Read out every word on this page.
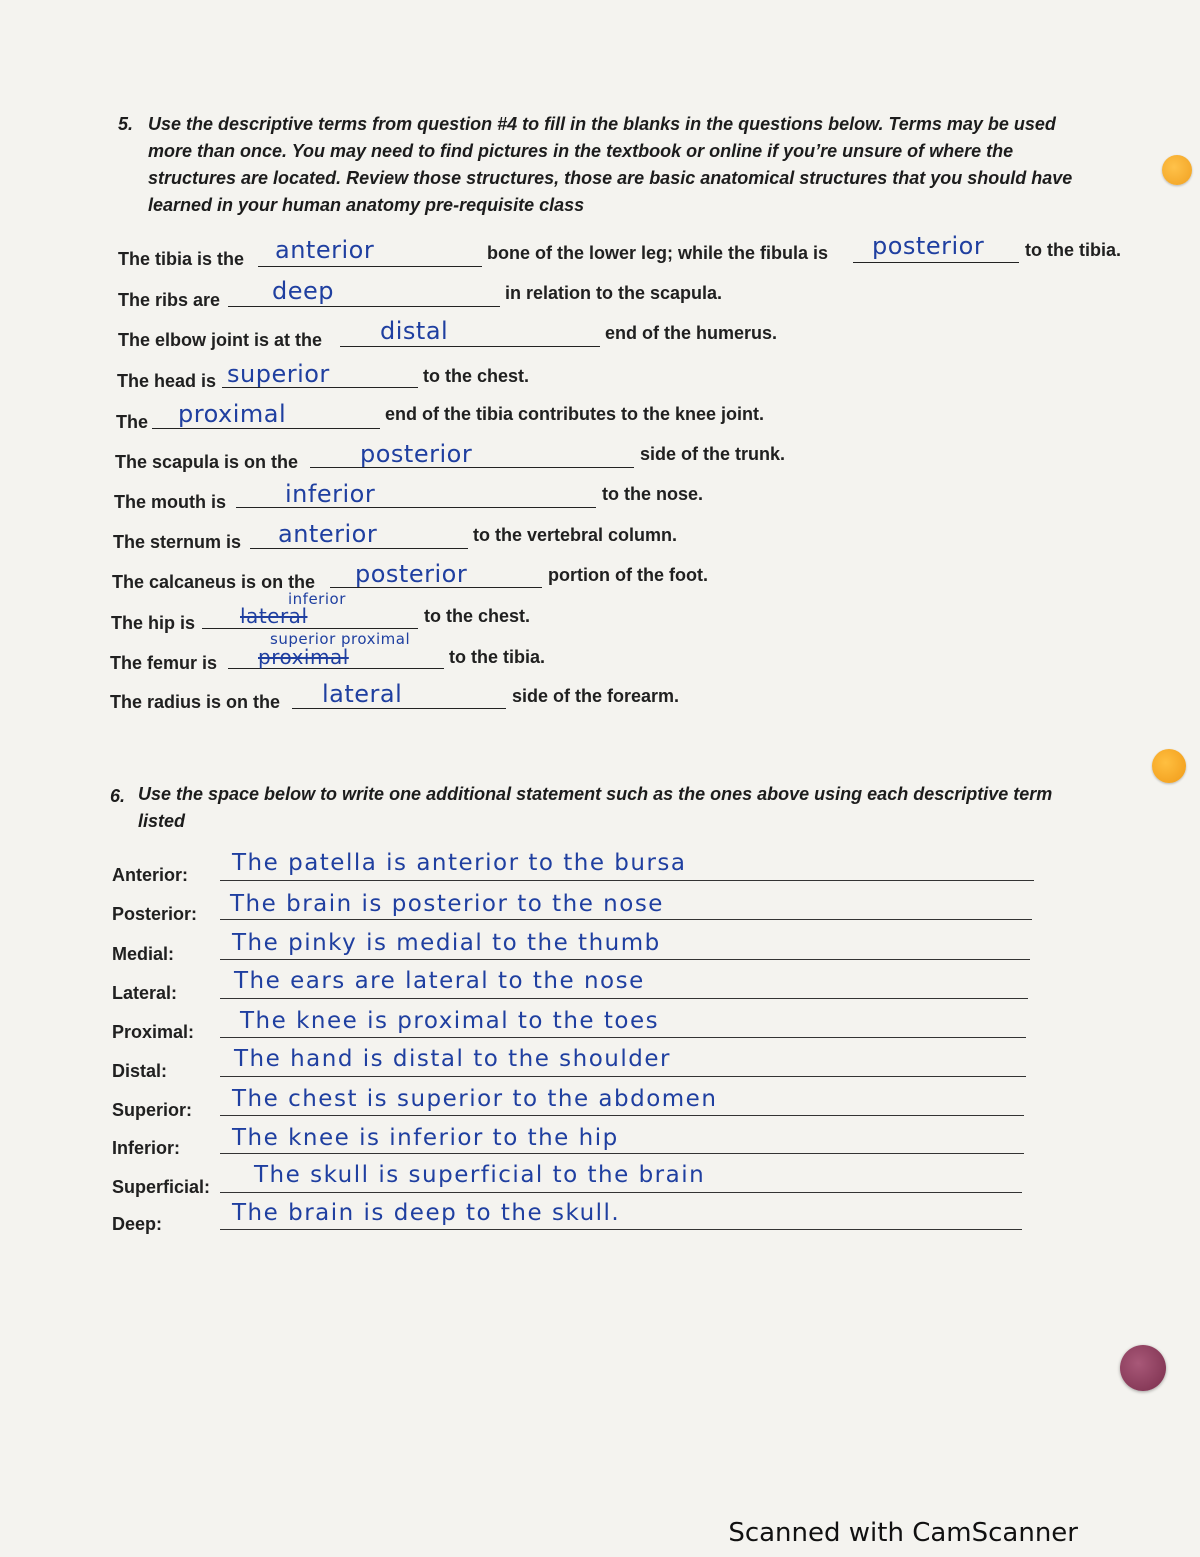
5. Use the descriptive terms from question #4 to fill in the blanks in the questions below. Terms may be used
more than once. You may need to find pictures in the textbook or online if you’re unsure of where the
structures are located. Review those structures, those are basic anatomical structures that you should have
learned in your human anatomy pre-requisite class
The tibia is the anterior	bone of the lower leg; while the fibula is posterior to the tibia.
The ribs are deep	in relation to the scapula.
The elbow joint is at the distal	end of the humerus.
The head is superior	to the chest.
The proximal	end of the tibia contributes to the knee joint.
The scapula is on the	posterior	side of the trunk.
The mouth is inferior	to the nose.
The sternum is anterior	to the vertebral column.
The calcaneus is on the posterior	portion of the foot.
The hip is
inferior
lateral	to the chest.
The femur is
superior proximal
proximal	to the tibia.
The radius is on the lateral	side of the forearm.
6. Use the space below to write one additional statement such as the ones above using each descriptive term
listed
Anterior: The patella is anterior to the bursa
Posterior: The brain is posterior to the nose
Medial:	The pinky is medial to the thumb
Lateral: The ears are lateral to the nose
Proximal: The knee is proximal to the toes
Distal:	The hand is distal to the shoulder
Superior: The chest is superior to the abdomen
Inferior: The knee is inferior to the hip
Superficial: The skull is superficial to the brain
Deep:	The brain is deep to the skull.
Scanned with CamScanner
